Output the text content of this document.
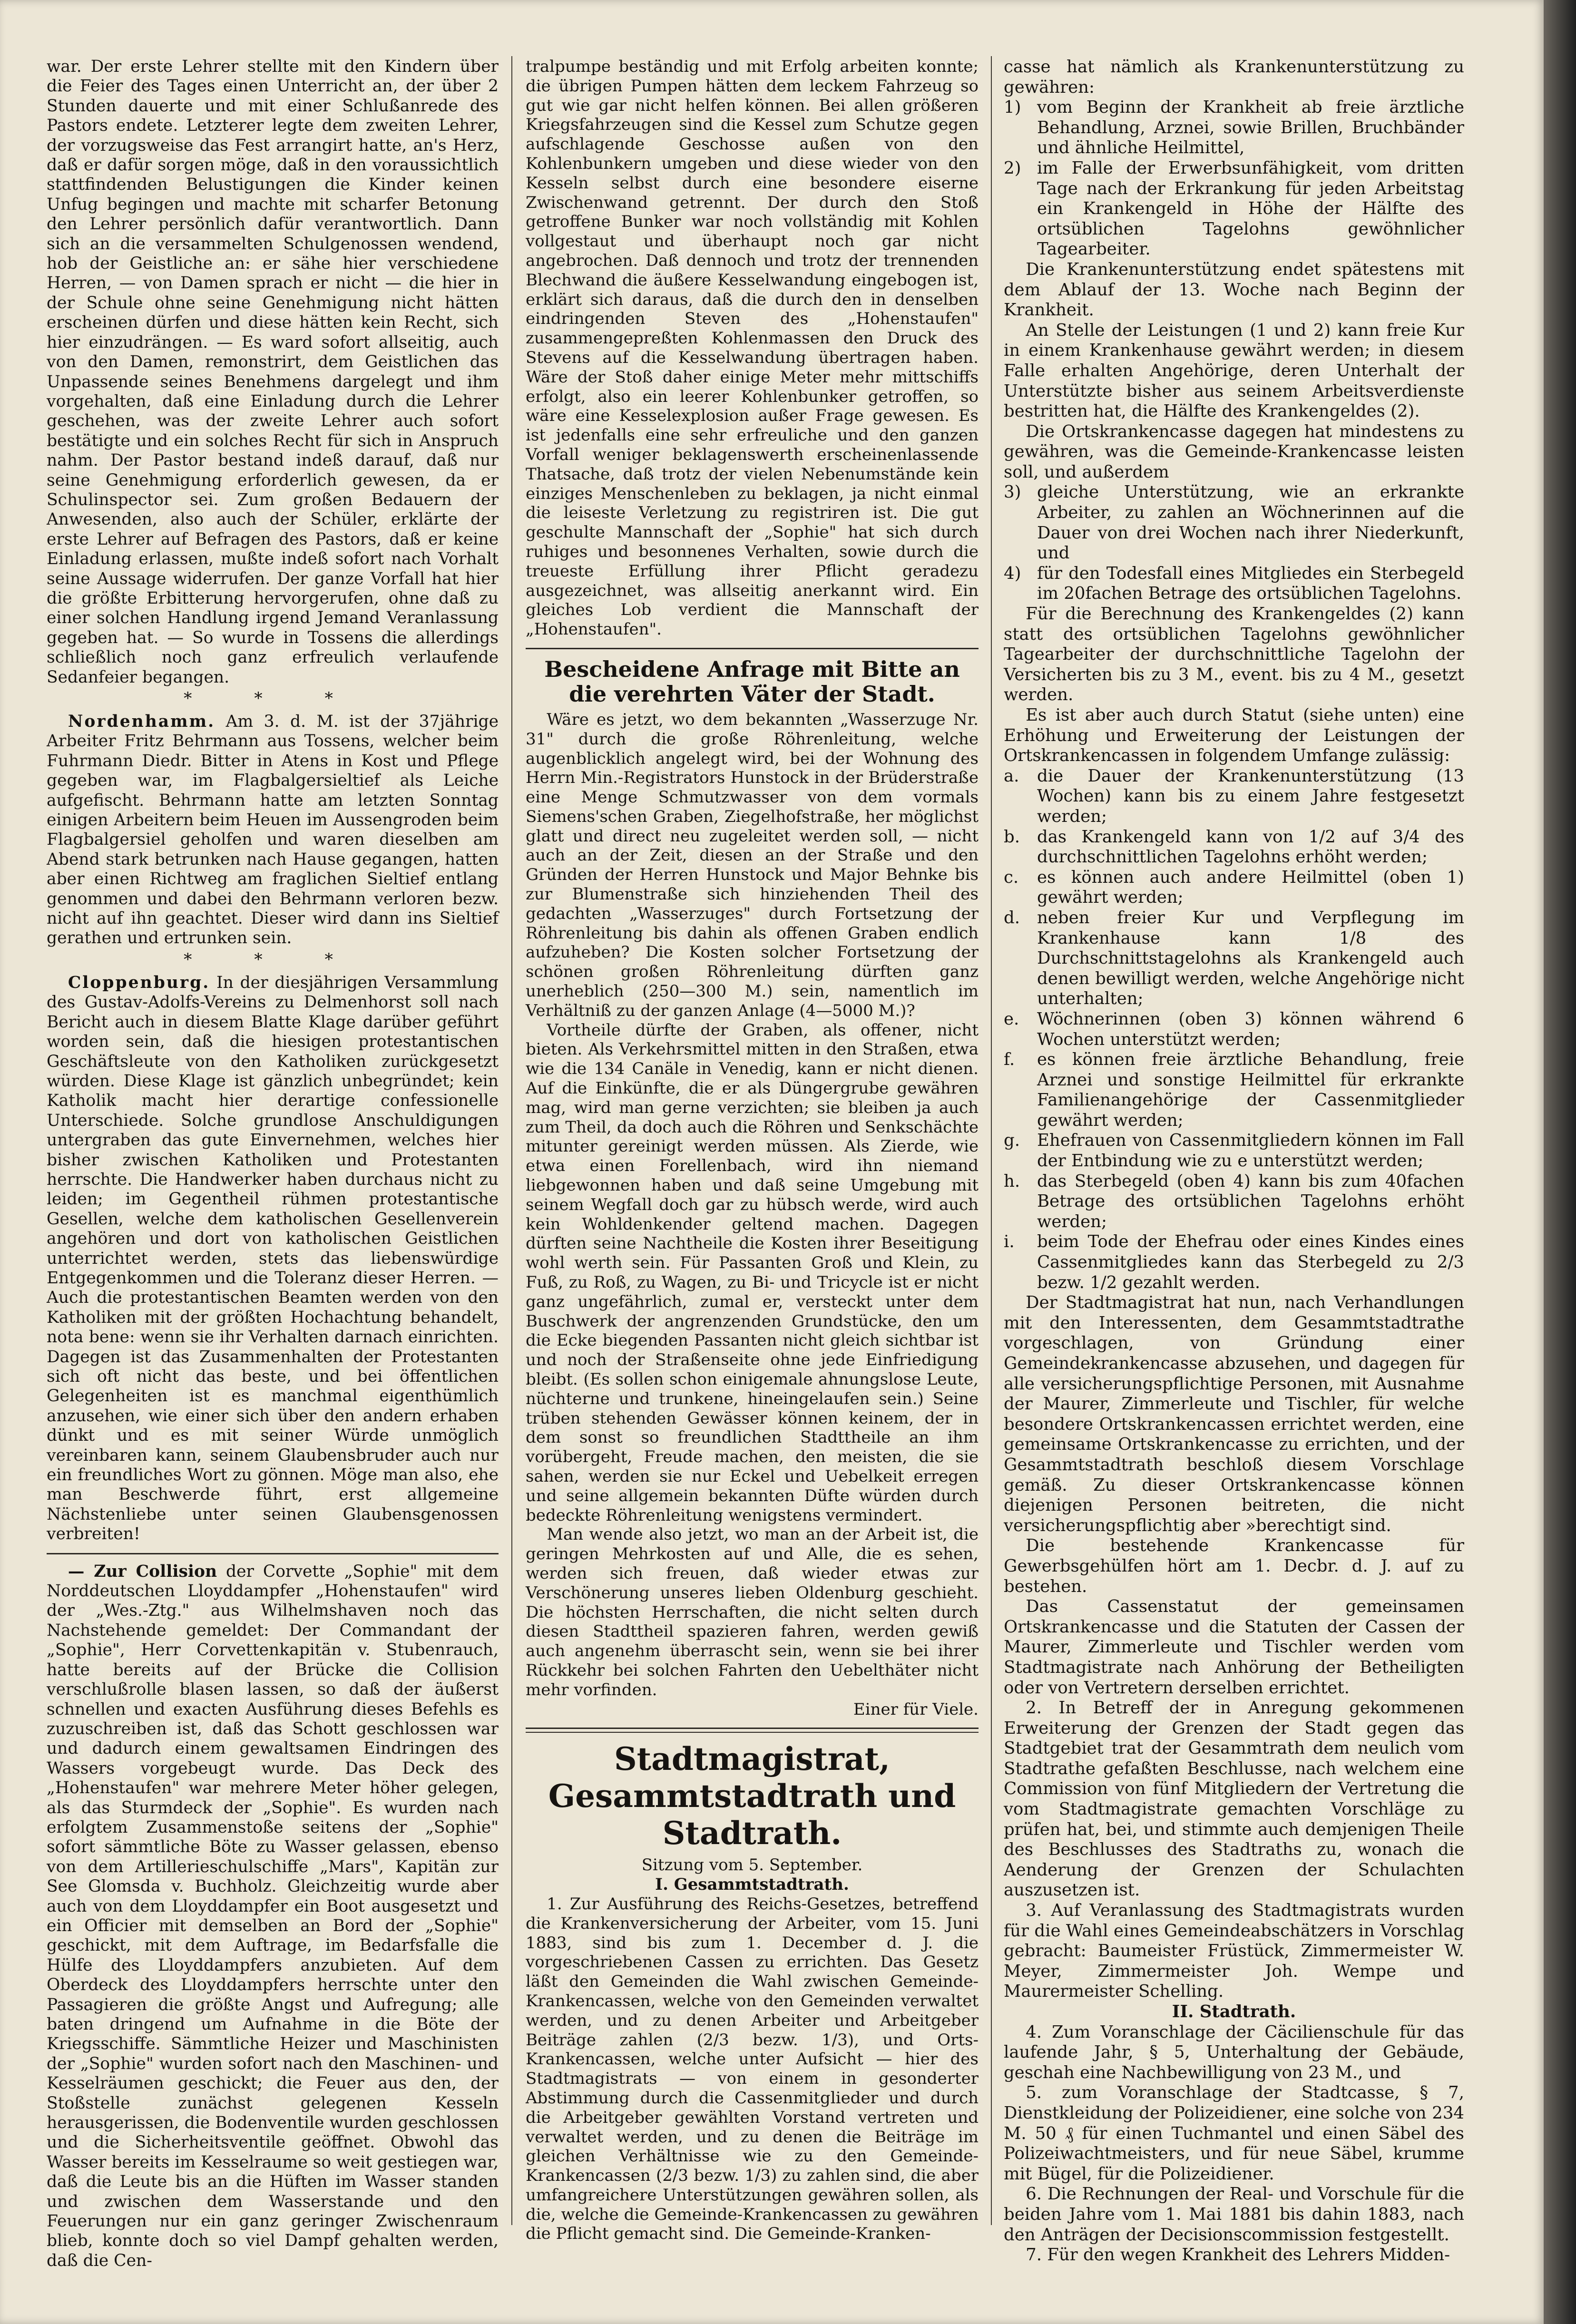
war. Der erste Lehrer stellte mit den Kindern über die Feier des Tages einen Unterricht an, der über 2 Stunden dauerte und mit einer Schlußanrede des Pastors endete. Letzterer legte dem zweiten Lehrer, der vorzugsweise das Fest arrangirt hatte, an's Herz, daß er dafür sorgen möge, daß in den voraussichtlich stattfindenden Belustigungen die Kinder keinen Unfug begingen und machte mit scharfer Betonung den Lehrer persönlich dafür verantwortlich. Dann sich an die versammelten Schulgenossen wendend, hob der Geistliche an: er sähe hier verschiedene Herren, — von Damen sprach er nicht — die hier in der Schule ohne seine Genehmigung nicht hätten erscheinen dürfen und diese hätten kein Recht, sich hier einzudrängen. — Es ward sofort allseitig, auch von den Damen, remonstrirt, dem Geistlichen das Unpassende seines Benehmens dargelegt und ihm vorgehalten, daß eine Einladung durch die Lehrer geschehen, was der zweite Lehrer auch sofort bestätigte und ein solches Recht für sich in Anspruch nahm. Der Pastor bestand indeß darauf, daß nur seine Genehmigung erforderlich gewesen, da er Schulinspector sei. Zum großen Bedauern der Anwesenden, also auch der Schüler, erklärte der erste Lehrer auf Befragen des Pastors, daß er keine Einladung erlassen, mußte indeß sofort nach Vorhalt seine Aussage widerrufen. Der ganze Vorfall hat hier die größte Erbitterung hervorgerufen, ohne daß zu einer solchen Handlung irgend Jemand Veranlassung gegeben hat. — So wurde in Tossens die allerdings schließlich noch ganz erfreulich verlaufende Sedanfeier begangen.

* * *

Nordenhamm. Am 3. d. M. ist der 37jährige Arbeiter Fritz Behrmann aus Tossens, welcher beim Fuhrmann Diedr. Bitter in Atens in Kost und Pflege gegeben war, im Flagbalgersieltief als Leiche aufgefischt. Behrmann hatte am letzten Sonntag einigen Arbeitern beim Heuen im Aussengroden beim Flagbalgersiel geholfen und waren dieselben am Abend stark betrunken nach Hause gegangen, hatten aber einen Richtweg am fraglichen Sieltief entlang genommen und dabei den Behrmann verloren bezw. nicht auf ihn geachtet. Dieser wird dann ins Sieltief gerathen und ertrunken sein.

* * *

Cloppenburg. In der diesjährigen Versammlung des Gustav-Adolfs-Vereins zu Delmenhorst soll nach Bericht auch in diesem Blatte Klage darüber geführt worden sein, daß die hiesigen protestantischen Geschäftsleute von den Katholiken zurückgesetzt würden. Diese Klage ist gänzlich unbegründet; kein Katholik macht hier derartige confessionelle Unterschiede. Solche grundlose Anschuldigungen untergraben das gute Einvernehmen, welches hier bisher zwischen Katholiken und Protestanten herrschte. Die Handwerker haben durchaus nicht zu leiden; im Gegentheil rühmen protestantische Gesellen, welche dem katholischen Gesellenverein angehören und dort von katholischen Geistlichen unterrichtet werden, stets das liebenswürdige Entgegenkommen und die Toleranz dieser Herren. — Auch die protestantischen Beamten werden von den Katholiken mit der größten Hochachtung behandelt, nota bene: wenn sie ihr Verhalten darnach einrichten. Dagegen ist das Zusammenhalten der Protestanten sich oft nicht das beste, und bei öffentlichen Gelegenheiten ist es manchmal eigenthümlich anzusehen, wie einer sich über den andern erhaben dünkt und es mit seiner Würde unmöglich vereinbaren kann, seinem Glaubensbruder auch nur ein freundliches Wort zu gönnen. Möge man also, ehe man Beschwerde führt, erst allgemeine Nächstenliebe unter seinen Glaubensgenossen verbreiten!

— Zur Collision der Corvette „Sophie" mit dem Norddeutschen Lloyddampfer „Hohenstaufen" wird der „Wes.-Ztg." aus Wilhelmshaven noch das Nachstehende gemeldet: Der Commandant der „Sophie", Herr Corvettenkapitän v. Stubenrauch, hatte bereits auf der Brücke die Collision verschlußrolle blasen lassen, so daß der äußerst schnellen und exacten Ausführung dieses Befehls es zuzuschreiben ist, daß das Schott geschlossen war und dadurch einem gewaltsamen Eindringen des Wassers vorgebeugt wurde. Das Deck des „Hohenstaufen" war mehrere Meter höher gelegen, als das Sturmdeck der „Sophie". Es wurden nach erfolgtem Zusammenstoße seitens der „Sophie" sofort sämmtliche Böte zu Wasser gelassen, ebenso von dem Artillerieschulschiffe „Mars", Kapitän zur See Glomsda v. Buchholz. Gleichzeitig wurde aber auch von dem Lloyddampfer ein Boot ausgesetzt und ein Officier mit demselben an Bord der „Sophie" geschickt, mit dem Auftrage, im Bedarfsfalle die Hülfe des Lloyddampfers anzubieten. Auf dem Oberdeck des Lloyddampfers herrschte unter den Passagieren die größte Angst und Aufregung; alle baten dringend um Aufnahme in die Böte der Kriegsschiffe. Sämmtliche Heizer und Maschinisten der „Sophie" wurden sofort nach den Maschinen- und Kesselräumen geschickt; die Feuer aus den, der Stoßstelle zunächst gelegenen Kesseln herausgerissen, die Bodenventile wurden geschlossen und die Sicherheitsventile geöffnet. Obwohl das Wasser bereits im Kesselraume so weit gestiegen war, daß die Leute bis an die Hüften im Wasser standen und zwischen dem Wasserstande und den Feuerungen nur ein ganz geringer Zwischenraum blieb, konnte doch so viel Dampf gehalten werden, daß die Cen-

tralpumpe beständig und mit Erfolg arbeiten konnte; die übrigen Pumpen hätten dem leckem Fahrzeug so gut wie gar nicht helfen können. Bei allen größeren Kriegsfahrzeugen sind die Kessel zum Schutze gegen aufschlagende Geschosse außen von den Kohlenbunkern umgeben und diese wieder von den Kesseln selbst durch eine besondere eiserne Zwischenwand getrennt. Der durch den Stoß getroffene Bunker war noch vollständig mit Kohlen vollgestaut und überhaupt noch gar nicht angebrochen. Daß dennoch und trotz der trennenden Blechwand die äußere Kesselwandung eingebogen ist, erklärt sich daraus, daß die durch den in denselben eindringenden Steven des „Hohenstaufen" zusammengepreßten Kohlenmassen den Druck des Stevens auf die Kesselwandung übertragen haben. Wäre der Stoß daher einige Meter mehr mittschiffs erfolgt, also ein leerer Kohlenbunker getroffen, so wäre eine Kesselexplosion außer Frage gewesen. Es ist jedenfalls eine sehr erfreuliche und den ganzen Vorfall weniger beklagenswerth erscheinenlassende Thatsache, daß trotz der vielen Nebenumstände kein einziges Menschenleben zu beklagen, ja nicht einmal die leiseste Verletzung zu registriren ist. Die gut geschulte Mannschaft der „Sophie" hat sich durch ruhiges und besonnenes Verhalten, sowie durch die treueste Erfüllung ihrer Pflicht geradezu ausgezeichnet, was allseitig anerkannt wird. Ein gleiches Lob verdient die Mannschaft der „Hohenstaufen".

Bescheidene Anfrage mit Bitte an die verehrten Väter der Stadt.

Wäre es jetzt, wo dem bekannten „Wasserzuge Nr. 31" durch die große Röhrenleitung, welche augenblicklich angelegt wird, bei der Wohnung des Herrn Min.-Registrators Hunstock in der Brüderstraße eine Menge Schmutzwasser von dem vormals Siemens'schen Graben, Ziegelhofstraße, her möglichst glatt und direct neu zugeleitet werden soll, — nicht auch an der Zeit, diesen an der Straße und den Gründen der Herren Hunstock und Major Behnke bis zur Blumenstraße sich hinziehenden Theil des gedachten „Wasserzuges" durch Fortsetzung der Röhrenleitung bis dahin als offenen Graben endlich aufzuheben? Die Kosten solcher Fortsetzung der schönen großen Röhrenleitung dürften ganz unerheblich (250—300 M.) sein, namentlich im Verhältniß zu der ganzen Anlage (4—5000 M.)?

Vortheile dürfte der Graben, als offener, nicht bieten. Als Verkehrsmittel mitten in den Straßen, etwa wie die 134 Canäle in Venedig, kann er nicht dienen. Auf die Einkünfte, die er als Düngergrube gewähren mag, wird man gerne verzichten; sie bleiben ja auch zum Theil, da doch auch die Röhren und Senkschächte mitunter gereinigt werden müssen. Als Zierde, wie etwa einen Forellenbach, wird ihn niemand liebgewonnen haben und daß seine Umgebung mit seinem Wegfall doch gar zu hübsch werde, wird auch kein Wohldenkender geltend machen. Dagegen dürften seine Nachtheile die Kosten ihrer Beseitigung wohl werth sein. Für Passanten Groß und Klein, zu Fuß, zu Roß, zu Wagen, zu Bi- und Tricycle ist er nicht ganz ungefährlich, zumal er, versteckt unter dem Buschwerk der angrenzenden Grundstücke, den um die Ecke biegenden Passanten nicht gleich sichtbar ist und noch der Straßenseite ohne jede Einfriedigung bleibt. (Es sollen schon einigemale ahnungslose Leute, nüchterne und trunkene, hineingelaufen sein.) Seine trüben stehenden Gewässer können keinem, der in dem sonst so freundlichen Stadttheile an ihm vorübergeht, Freude machen, den meisten, die sie sahen, werden sie nur Eckel und Uebelkeit erregen und seine allgemein bekannten Düfte würden durch bedeckte Röhrenleitung wenigstens vermindert.

Man wende also jetzt, wo man an der Arbeit ist, die geringen Mehrkosten auf und Alle, die es sehen, werden sich freuen, daß wieder etwas zur Verschönerung unseres lieben Oldenburg geschieht. Die höchsten Herrschaften, die nicht selten durch diesen Stadttheil spazieren fahren, werden gewiß auch angenehm überrascht sein, wenn sie bei ihrer Rückkehr bei solchen Fahrten den Uebelthäter nicht mehr vorfinden.

Einer für Viele.
Stadtmagistrat, Gesammtstadtrath und Stadtrath.

Sitzung vom 5. September.

I. Gesammtstadtrath.

1. Zur Ausführung des Reichs-Gesetzes, betreffend die Krankenversicherung der Arbeiter, vom 15. Juni 1883, sind bis zum 1. December d. J. die vorgeschriebenen Cassen zu errichten. Das Gesetz läßt den Gemeinden die Wahl zwischen Gemeinde-Krankencassen, welche von den Gemeinden verwaltet werden, und zu denen Arbeiter und Arbeitgeber Beiträge zahlen (2/3 bezw. 1/3), und Orts-Krankencassen, welche unter Aufsicht — hier des Stadtmagistrats — von einem in gesonderter Abstimmung durch die Cassenmitglieder und durch die Arbeitgeber gewählten Vorstand vertreten und verwaltet werden, und zu denen die Beiträge im gleichen Verhältnisse wie zu den Gemeinde-Krankencassen (2/3 bezw. 1/3) zu zahlen sind, die aber umfangreichere Unterstützungen gewähren sollen, als die, welche die Gemeinde-Krankencassen zu gewähren die Pflicht gemacht sind. Die Gemeinde-Kranken-

casse hat nämlich als Krankenunterstützung zu gewähren:

1) vom Beginn der Krankheit ab freie ärztliche Behandlung, Arznei, sowie Brillen, Bruchbänder und ähnliche Heilmittel,
2) im Falle der Erwerbsunfähigkeit, vom dritten Tage nach der Erkrankung für jeden Arbeitstag ein Krankengeld in Höhe der Hälfte des ortsüblichen Tagelohns gewöhnlicher Tagearbeiter.

Die Krankenunterstützung endet spätestens mit dem Ablauf der 13. Woche nach Beginn der Krankheit.

An Stelle der Leistungen (1 und 2) kann freie Kur in einem Krankenhause gewährt werden; in diesem Falle erhalten Angehörige, deren Unterhalt der Unterstützte bisher aus seinem Arbeitsverdienste bestritten hat, die Hälfte des Krankengeldes (2).

Die Ortskrankencasse dagegen hat mindestens zu gewähren, was die Gemeinde-Krankencasse leisten soll, und außerdem

3) gleiche Unterstützung, wie an erkrankte Arbeiter, zu zahlen an Wöchnerinnen auf die Dauer von drei Wochen nach ihrer Niederkunft, und
4) für den Todesfall eines Mitgliedes ein Sterbegeld im 20fachen Betrage des ortsüblichen Tagelohns.

Für die Berechnung des Krankengeldes (2) kann statt des ortsüblichen Tagelohns gewöhnlicher Tagearbeiter der durchschnittliche Tagelohn der Versicherten bis zu 3 M., event. bis zu 4 M., gesetzt werden.

Es ist aber auch durch Statut (siehe unten) eine Erhöhung und Erweiterung der Leistungen der Ortskrankencassen in folgendem Umfange zulässig:

a.	die Dauer der Krankenunterstützung (13 Wochen) kann bis zu einem Jahre festgesetzt werden;
b.	das Krankengeld kann von 1/2 auf 3/4 des durchschnittlichen Tagelohns erhöht werden;
c.	es können auch andere Heilmittel (oben 1) gewährt werden;
d.	neben freier Kur und Verpflegung im Krankenhause kann 1/8 des Durchschnittstagelohns als Krankengeld auch denen bewilligt werden, welche Angehörige nicht unterhalten;
e.	Wöchnerinnen (oben 3) können während 6 Wochen unterstützt werden;
f.	es können freie ärztliche Behandlung, freie Arznei und sonstige Heilmittel für erkrankte Familienangehörige der Cassenmitglieder gewährt werden;
g.	Ehefrauen von Cassenmitgliedern können im Fall der Entbindung wie zu e unterstützt werden;
h.	das Sterbegeld (oben 4) kann bis zum 40fachen Betrage des ortsüblichen Tagelohns erhöht werden;
i.	beim Tode der Ehefrau oder eines Kindes eines Cassenmitgliedes kann das Sterbegeld zu 2/3 bezw. 1/2 gezahlt werden.

Der Stadtmagistrat hat nun, nach Verhandlungen mit den Interessenten, dem Gesammtstadtrathe vorgeschlagen, von Gründung einer Gemeindekrankencasse abzusehen, und dagegen für alle versicherungspflichtige Personen, mit Ausnahme der Maurer, Zimmerleute und Tischler, für welche besondere Ortskrankencassen errichtet werden, eine gemeinsame Ortskrankencasse zu errichten, und der Gesammtstadtrath beschloß diesem Vorschlage gemäß. Zu dieser Ortskrankencasse können diejenigen Personen beitreten, die nicht versicherungspflichtig aber »berechtigt sind.

Die bestehende Krankencasse für Gewerbsgehülfen hört am 1. Decbr. d. J. auf zu bestehen.

Das Cassenstatut der gemeinsamen Ortskrankencasse und die Statuten der Cassen der Maurer, Zimmerleute und Tischler werden vom Stadtmagistrate nach Anhörung der Betheiligten oder von Vertretern derselben errichtet.

2. In Betreff der in Anregung gekommenen Erweiterung der Grenzen der Stadt gegen das Stadtgebiet trat der Gesammtrath dem neulich vom Stadtrathe gefaßten Beschlusse, nach welchem eine Commission von fünf Mitgliedern der Vertretung die vom Stadtmagistrate gemachten Vorschläge zu prüfen hat, bei, und stimmte auch demjenigen Theile des Beschlusses des Stadtraths zu, wonach die Aenderung der Grenzen der Schulachten auszusetzen ist.

3. Auf Veranlassung des Stadtmagistrats wurden für die Wahl eines Gemeindeabschätzers in Vorschlag gebracht: Baumeister Früstück, Zimmermeister W. Meyer, Zimmermeister Joh. Wempe und Maurermeister Schelling.

II. Stadtrath.

4. Zum Voranschlage der Cäcilienschule für das laufende Jahr, § 5, Unterhaltung der Gebäude, geschah eine Nachbewilligung von 23 M., und

5. zum Voranschlage der Stadtcasse, § 7, Dienstkleidung der Polizeidiener, eine solche von 234 M. 50 ₰ für einen Tuchmantel und einen Säbel des Polizeiwachtmeisters, und für neue Säbel, krumme mit Bügel, für die Polizeidiener.

6. Die Rechnungen der Real- und Vorschule für die beiden Jahre vom 1. Mai 1881 bis dahin 1883, nach den Anträgen der Decisionscommission festgestellt.

7. Für den wegen Krankheit des Lehrers Midden-
